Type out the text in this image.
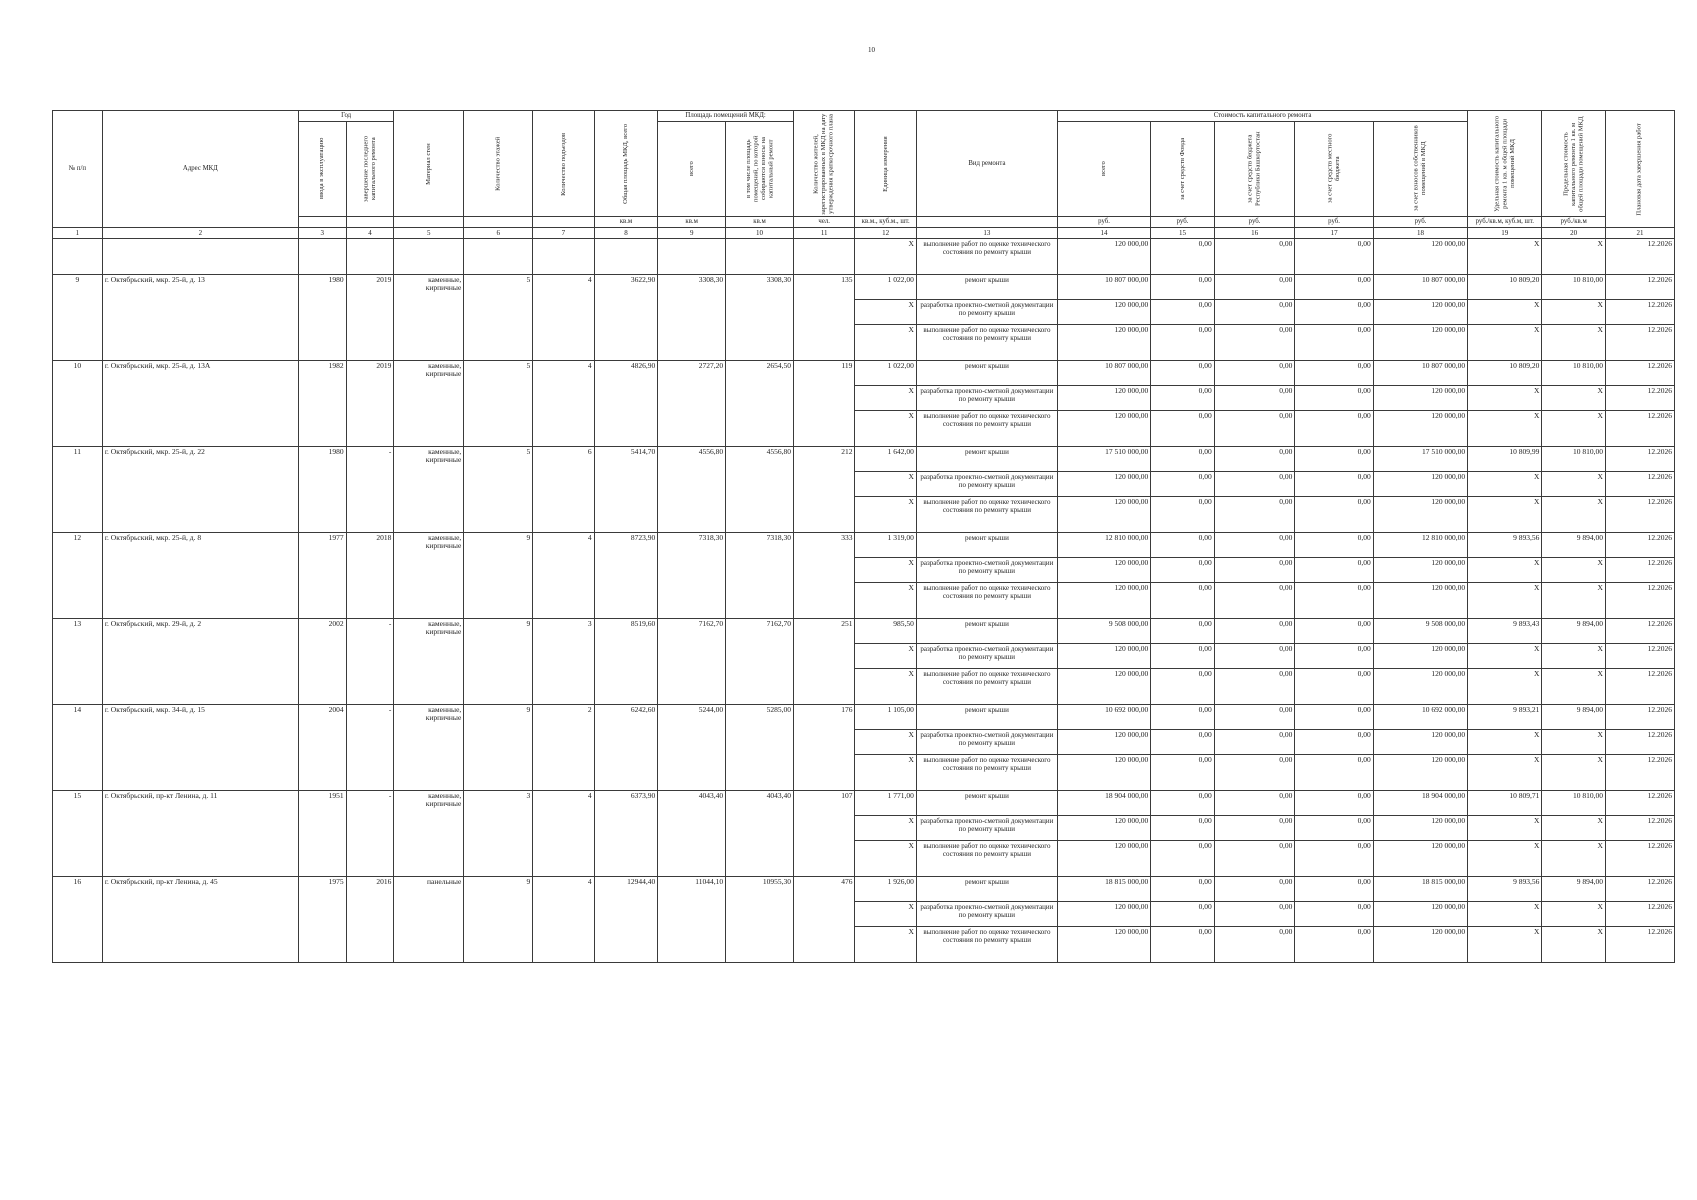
10
№ п/п	Адрес МКД	Год		Материал стен	Количество этажей	Количество подъездов	Общая площадь МКД, всего	Площадь помещений МКД:		Количество жителей, зарегистрированных в МКД на дату утверждения краткосрочного плана	Единица измерения	Вид ремонта	Стоимость капитального ремонта					Удельная стоимость капитального ремонта 1 кв. м общей площади помещений МКД	Предельная стоимость капитального ремонта 1 кв. м общей площади помещений МКД	Плановая дата завершения работ
		ввода в эксплуатацию	завершение последнего капитального ремонта					всего	в том числе площадь помещений, по которой собираются взносы на капитальный ремонт				всего	за счет средств Фонда	за счет средств бюджета Республики Башкортостан	за счет средств местного бюджета	за счет взносов собственников помещений в МКД			
							кв.м	кв.м	кв.м	чел.	кв.м., куб.м., шт.		руб.	руб.	руб.	руб.	руб.	руб./кв.м, куб.м, шт.	руб./кв.м	
1	2	3	4	5	6	7	8	9	10	11	12	13	14	15	16	17	18	19	20	21
											X	выполнение работ по оценке технического состояния по ремонту крыши	120 000,00	0,00	0,00	0,00	120 000,00	X	X	12.2026
9	г. Октябрьский, мкр. 25-й, д. 13	1980	2019	каменные, кирпичные	5	4	3622,90	3308,30	3308,30	135	1 022,00	ремонт крыши	10 807 000,00	0,00	0,00	0,00	10 807 000,00	10 809,20	10 810,00	12.2026
											X	разработка проектно-сметной документации по ремонту крыши	120 000,00	0,00	0,00	0,00	120 000,00	X	X	12.2026
											X	выполнение работ по оценке технического состояния по ремонту крыши	120 000,00	0,00	0,00	0,00	120 000,00	X	X	12.2026
10	г. Октябрьский, мкр. 25-й, д. 13А	1982	2019	каменные, кирпичные	5	4	4826,90	2727,20	2654,50	119	1 022,00	ремонт крыши	10 807 000,00	0,00	0,00	0,00	10 807 000,00	10 809,20	10 810,00	12.2026
											X	разработка проектно-сметной документации по ремонту крыши	120 000,00	0,00	0,00	0,00	120 000,00	X	X	12.2026
											X	выполнение работ по оценке технического состояния по ремонту крыши	120 000,00	0,00	0,00	0,00	120 000,00	X	X	12.2026
11	г. Октябрьский, мкр. 25-й, д. 22	1980	-	каменные, кирпичные	5	6	5414,70	4556,80	4556,80	212	1 642,00	ремонт крыши	17 510 000,00	0,00	0,00	0,00	17 510 000,00	10 809,99	10 810,00	12.2026
											X	разработка проектно-сметной документации по ремонту крыши	120 000,00	0,00	0,00	0,00	120 000,00	X	X	12.2026
											X	выполнение работ по оценке технического состояния по ремонту крыши	120 000,00	0,00	0,00	0,00	120 000,00	X	X	12.2026
12	г. Октябрьский, мкр. 25-й, д. 8	1977	2018	каменные, кирпичные	9	4	8723,90	7318,30	7318,30	333	1 319,00	ремонт крыши	12 810 000,00	0,00	0,00	0,00	12 810 000,00	9 893,56	9 894,00	12.2026
											X	разработка проектно-сметной документации по ремонту крыши	120 000,00	0,00	0,00	0,00	120 000,00	X	X	12.2026
											X	выполнение работ по оценке технического состояния по ремонту крыши	120 000,00	0,00	0,00	0,00	120 000,00	X	X	12.2026
13	г. Октябрьский, мкр. 29-й, д. 2	2002	-	каменные, кирпичные	9	3	8519,60	7162,70	7162,70	251	985,50	ремонт крыши	9 508 000,00	0,00	0,00	0,00	9 508 000,00	9 893,43	9 894,00	12.2026
											X	разработка проектно-сметной документации по ремонту крыши	120 000,00	0,00	0,00	0,00	120 000,00	X	X	12.2026
											X	выполнение работ по оценке технического состояния по ремонту крыши	120 000,00	0,00	0,00	0,00	120 000,00	X	X	12.2026
14	г. Октябрьский, мкр. 34-й, д. 15	2004	-	каменные, кирпичные	9	2	6242,60	5244,00	5285,00	176	1 105,00	ремонт крыши	10 692 000,00	0,00	0,00	0,00	10 692 000,00	9 893,21	9 894,00	12.2026
											X	разработка проектно-сметной документации по ремонту крыши	120 000,00	0,00	0,00	0,00	120 000,00	X	X	12.2026
											X	выполнение работ по оценке технического состояния по ремонту крыши	120 000,00	0,00	0,00	0,00	120 000,00	X	X	12.2026
15	г. Октябрьский, пр-кт Ленина, д. 11	1951	-	каменные, кирпичные	3	4	6373,90	4043,40	4043,40	107	1 771,00	ремонт крыши	18 904 000,00	0,00	0,00	0,00	18 904 000,00	10 809,71	10 810,00	12.2026
											X	разработка проектно-сметной документации по ремонту крыши	120 000,00	0,00	0,00	0,00	120 000,00	X	X	12.2026
											X	выполнение работ по оценке технического состояния по ремонту крыши	120 000,00	0,00	0,00	0,00	120 000,00	X	X	12.2026
16	г. Октябрьский, пр-кт Ленина, д. 45	1975	2016	панельные	9	4	12944,40	11044,10	10955,30	476	1 926,00	ремонт крыши	18 815 000,00	0,00	0,00	0,00	18 815 000,00	9 893,56	9 894,00	12.2026
											X	разработка проектно-сметной документации по ремонту крыши	120 000,00	0,00	0,00	0,00	120 000,00	X	X	12.2026
											X	выполнение работ по оценке технического состояния по ремонту крыши	120 000,00	0,00	0,00	0,00	120 000,00	X	X	12.2026
